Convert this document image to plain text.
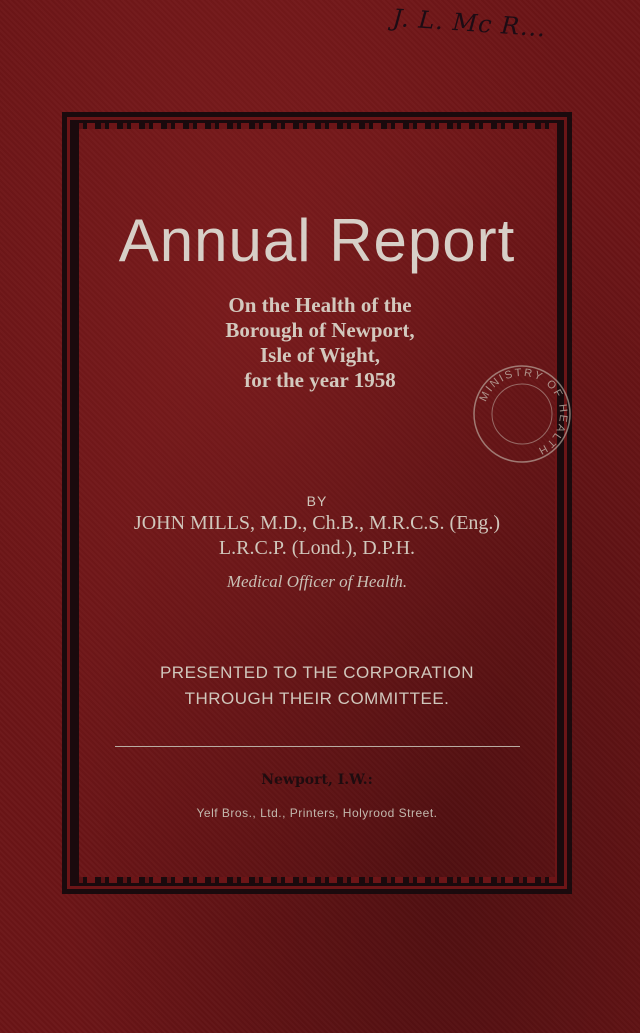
J. L. Mc R...
Annual Report
On the Health of the
Borough of Newport,
Isle of Wight,
for the year 1958
MINISTRY OF HEALTH
BY
JOHN MILLS, M.D., Ch.B., M.R.C.S. (Eng.)
L.R.C.P. (Lond.), D.P.H.
Medical Officer of Health.
PRESENTED TO THE CORPORATION
THROUGH THEIR COMMITTEE.
Newport, I.W.:
Yelf Bros., Ltd., Printers, Holyrood Street.
